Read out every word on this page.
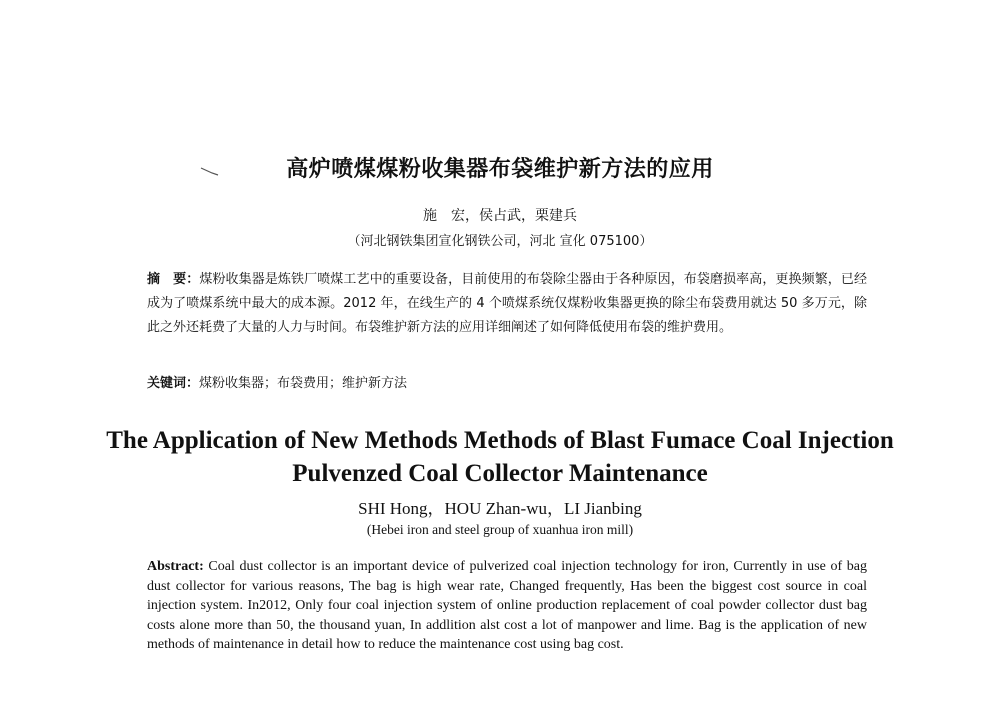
高炉喷煤煤粉收集器布袋维护新方法的应用
施　宏，侯占武，栗建兵
（河北钢铁集团宣化钢铁公司，河北 宣化 075100）
摘　要：煤粉收集器是炼铁厂喷煤工艺中的重要设备，目前使用的布袋除尘器由于各种原因，布袋磨损率高，更换频繁，已经成为了喷煤系统中最大的成本源。2012 年，在线生产的 4 个喷煤系统仅煤粉收集器更换的除尘布袋费用就达 50 多万元，除此之外还耗费了大量的人力与时间。布袋维护新方法的应用详细阐述了如何降低使用布袋的维护费用。
关键词：煤粉收集器；布袋费用；维护新方法
The Application of New Methods Methods of Blast Fumace Coal Injection
Pulvenzed Coal Collector Maintenance
SHI Hong，HOU Zhan-wu，LI Jianbing
(Hebei iron and steel group of xuanhua iron mill)
Abstract: Coal dust collector is an important device of pulverized coal injection technology for iron, Currently in use of bag dust collector for various reasons, The bag is high wear rate, Changed frequently, Has been the biggest cost source in coal injection system. In2012, Only four coal injection system of online production replacement of coal powder collector dust bag costs alone more than 50, the thousand yuan, In addlition alst cost a lot of manpower and lime. Bag is the application of new methods of maintenance in detail how to reduce the maintenance cost using bag cost.
